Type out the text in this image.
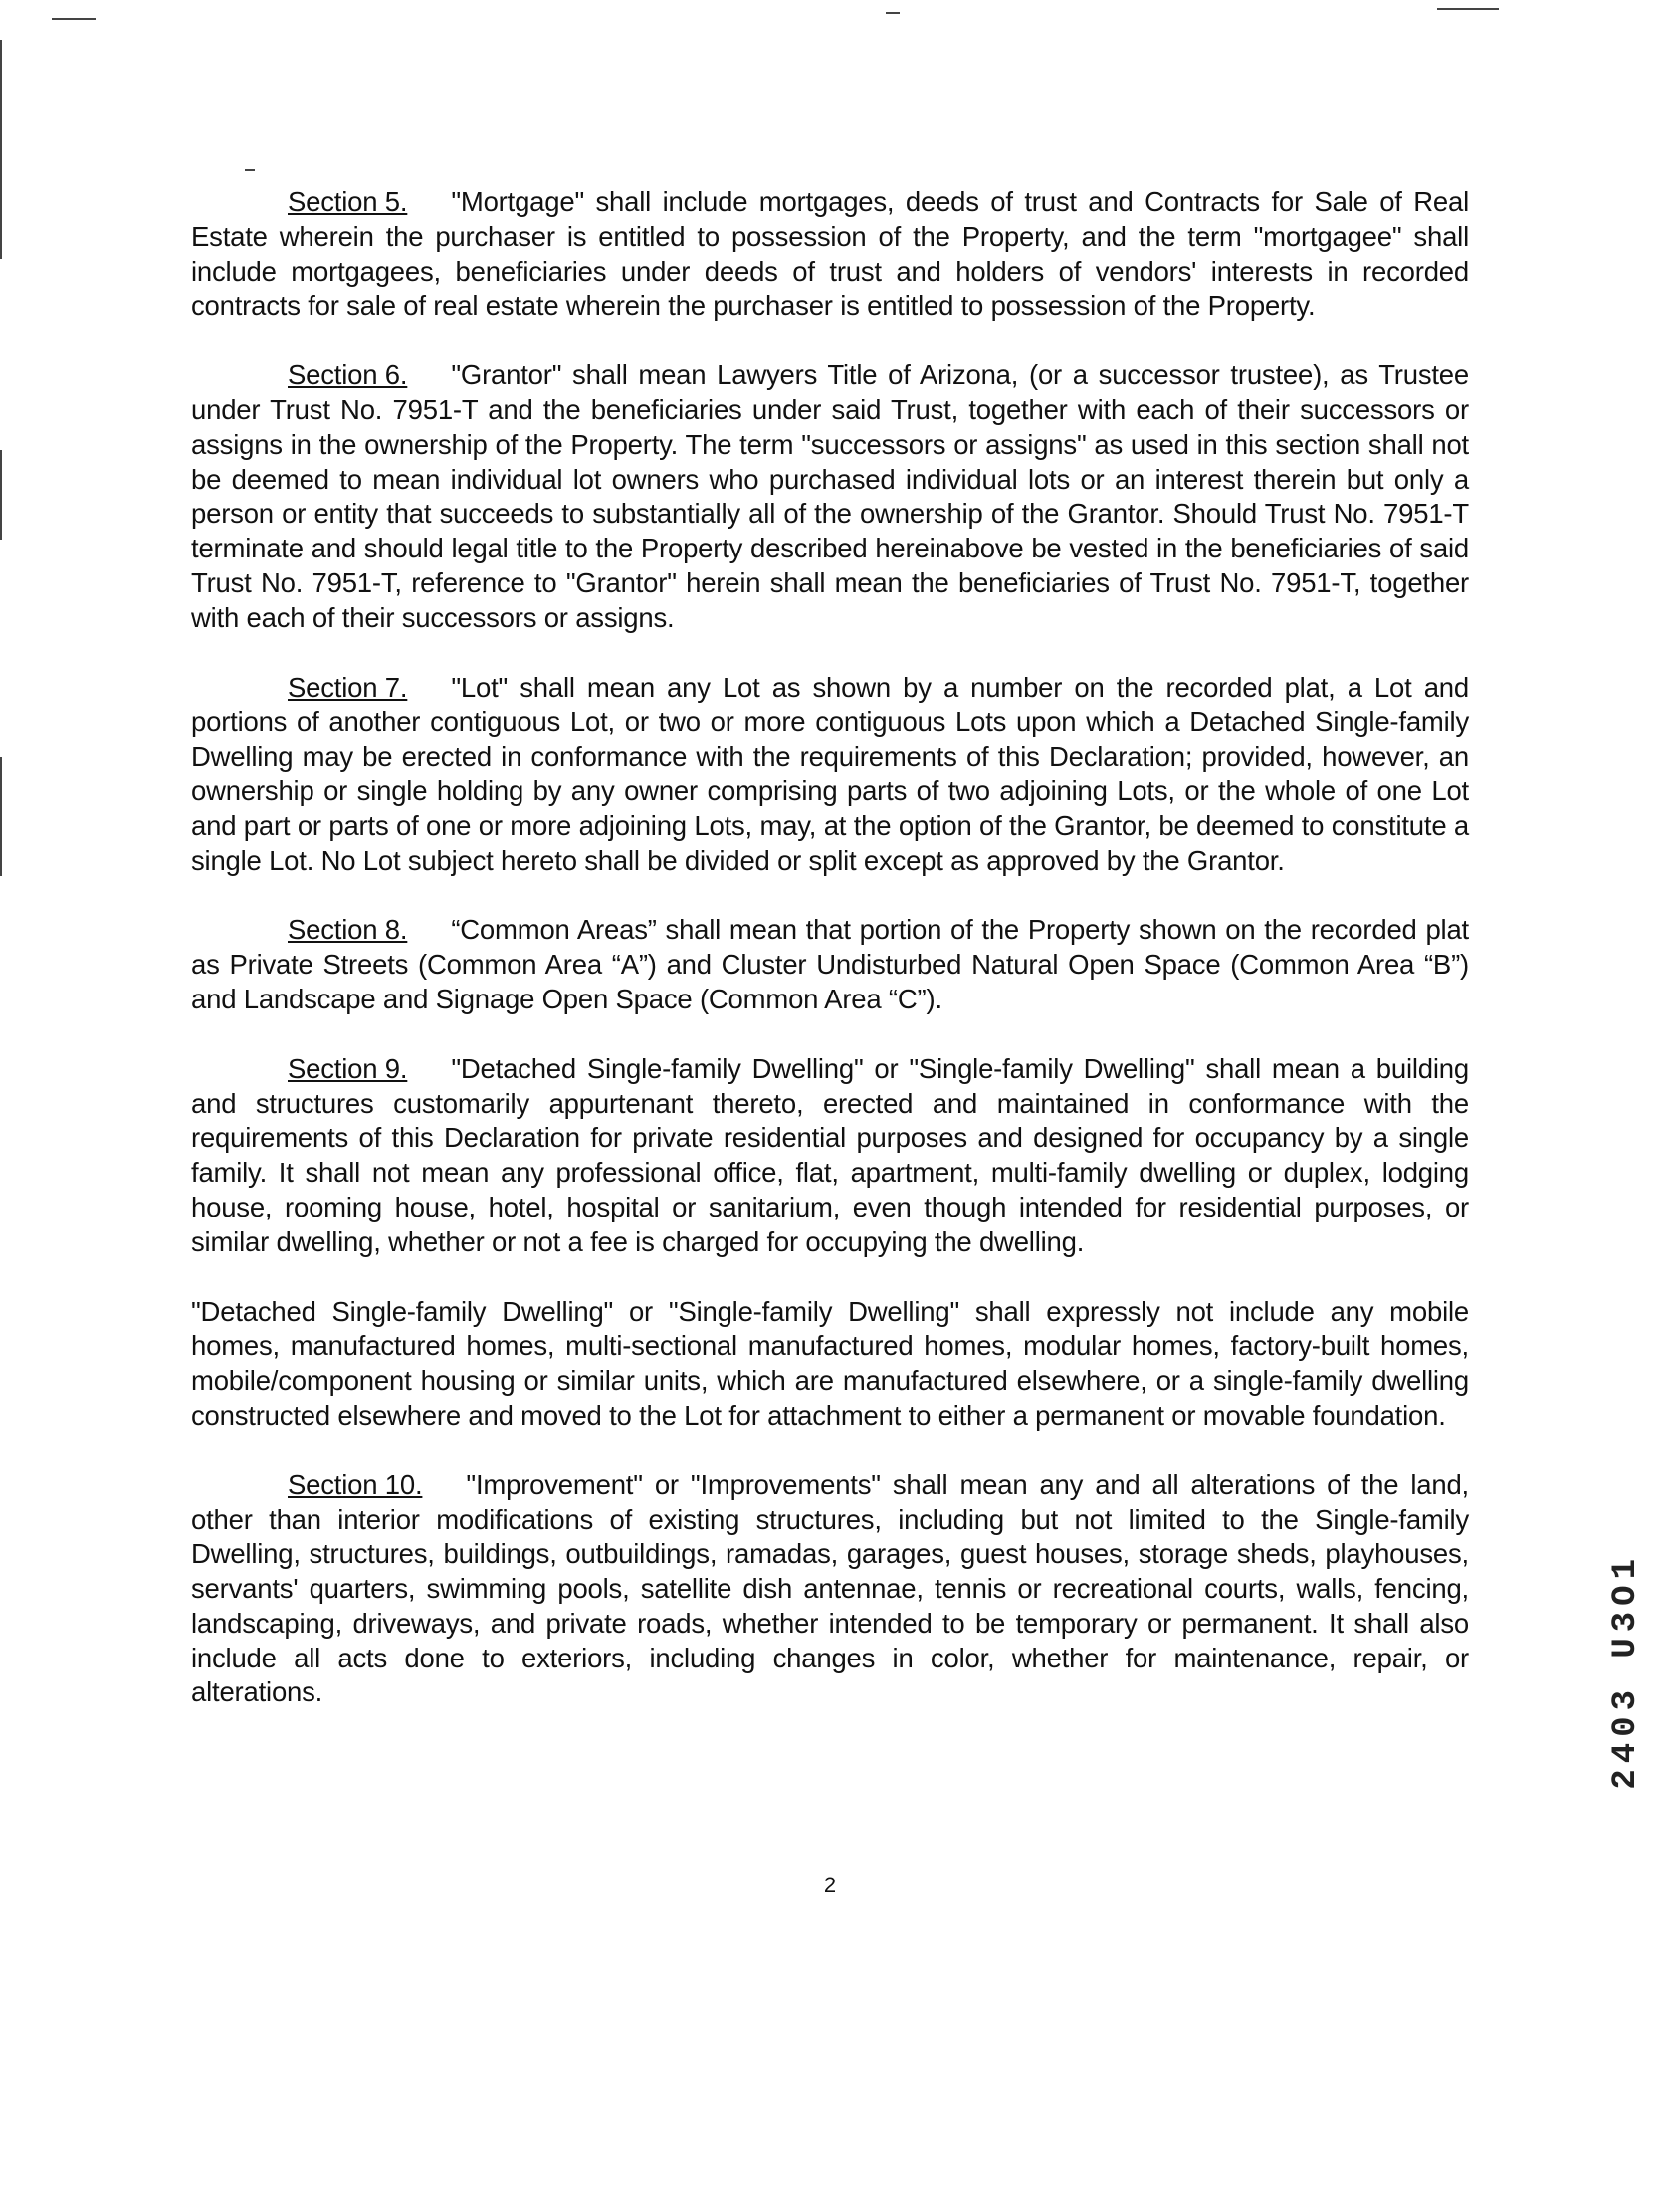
Section 5. "Mortgage" shall include mortgages, deeds of trust and Contracts for Sale of Real Estate wherein the purchaser is entitled to possession of the Property, and the term "mortgagee" shall include mortgagees, beneficiaries under deeds of trust and holders of vendors' interests in recorded contracts for sale of real estate wherein the purchaser is entitled to possession of the Property.

Section 6. "Grantor" shall mean Lawyers Title of Arizona, (or a successor trustee), as Trustee under Trust No. 7951-T and the beneficiaries under said Trust, together with each of their successors or assigns in the ownership of the Property. The term "successors or assigns" as used in this section shall not be deemed to mean individual lot owners who purchased individual lots or an interest therein but only a person or entity that succeeds to substantially all of the ownership of the Grantor. Should Trust No. 7951-T terminate and should legal title to the Property described hereinabove be vested in the beneficiaries of said Trust No. 7951-T, reference to "Grantor" herein shall mean the beneficiaries of Trust No. 7951-T, together with each of their successors or assigns.

Section 7. "Lot" shall mean any Lot as shown by a number on the recorded plat, a Lot and portions of another contiguous Lot, or two or more contiguous Lots upon which a Detached Single-family Dwelling may be erected in conformance with the requirements of this Declaration; provided, however, an ownership or single holding by any owner comprising parts of two adjoining Lots, or the whole of one Lot and part or parts of one or more adjoining Lots, may, at the option of the Grantor, be deemed to constitute a single Lot. No Lot subject hereto shall be divided or split except as approved by the Grantor.

Section 8. “Common Areas” shall mean that portion of the Property shown on the recorded plat as Private Streets (Common Area “A”) and Cluster Undisturbed Natural Open Space (Common Area “B”) and Landscape and Signage Open Space (Common Area “C”).

Section 9. "Detached Single-family Dwelling" or "Single-family Dwelling" shall mean a building and structures customarily appurtenant thereto, erected and maintained in conformance with the requirements of this Declaration for private residential purposes and designed for occupancy by a single family. It shall not mean any professional office, flat, apartment, multi-family dwelling or duplex, lodging house, rooming house, hotel, hospital or sanitarium, even though intended for residential purposes, or similar dwelling, whether or not a fee is charged for occupying the dwelling.

"Detached Single-family Dwelling" or "Single-family Dwelling" shall expressly not include any mobile homes, manufactured homes, multi-sectional manufactured homes, modular homes, factory-built homes, mobile/component housing or similar units, which are manufactured elsewhere, or a single-family dwelling constructed elsewhere and moved to the Lot for attachment to either a permanent or movable foundation.

Section 10. "Improvement" or "Improvements" shall mean any and all alterations of the land, other than interior modifications of existing structures, including but not limited to the Single-family Dwelling, structures, buildings, outbuildings, ramadas, garages, guest houses, storage sheds, playhouses, servants' quarters, swimming pools, satellite dish antennae, tennis or recreational courts, walls, fencing, landscaping, driveways, and private roads, whether intended to be temporary or permanent. It shall also include all acts done to exteriors, including changes in color, whether for maintenance, repair, or alterations.

2
2403 U3O1
